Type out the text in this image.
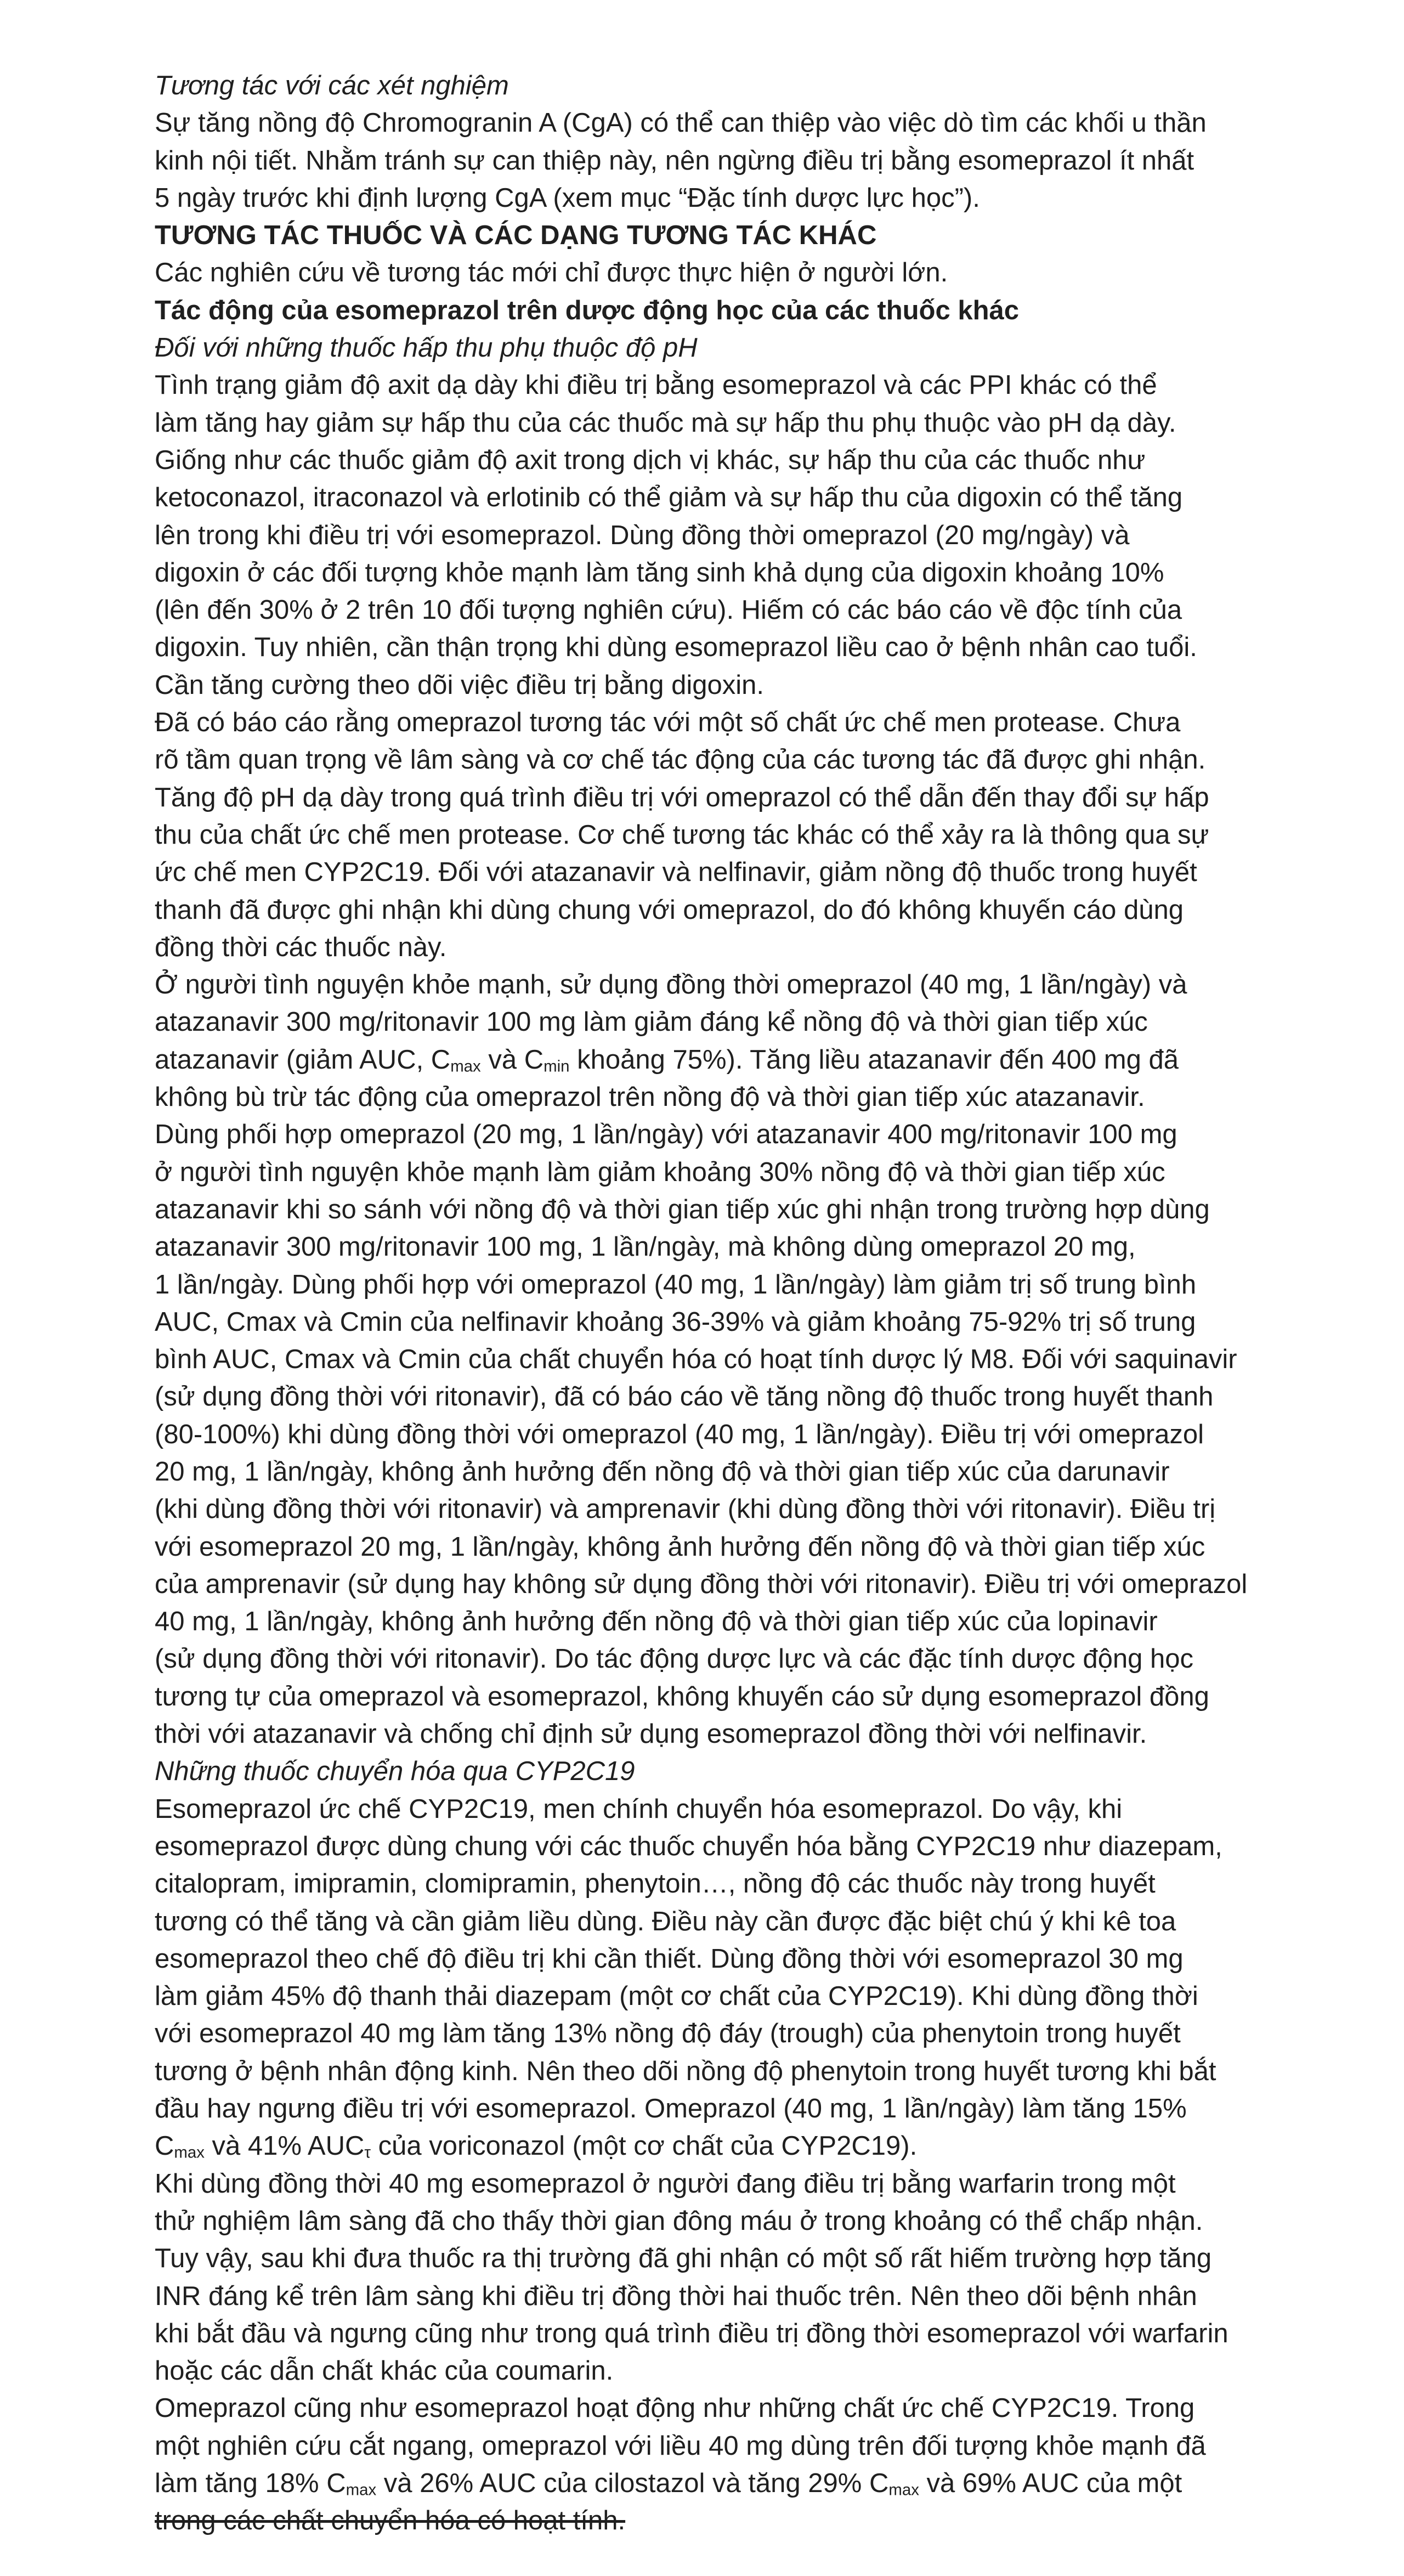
Tương tác với các xét nghiệm
Sự tăng nồng độ Chromogranin A (CgA) có thể can thiệp vào việc dò tìm các khối u thần
kinh nội tiết. Nhằm tránh sự can thiệp này, nên ngừng điều trị bằng esomeprazol ít nhất
5 ngày trước khi định lượng CgA (xem mục “Đặc tính dược lực học”).
TƯƠNG TÁC THUỐC VÀ CÁC DẠNG TƯƠNG TÁC KHÁC
Các nghiên cứu về tương tác mới chỉ được thực hiện ở người lớn.
Tác động của esomeprazol trên dược động học của các thuốc khác
Đối với những thuốc hấp thu phụ thuộc độ pH
Tình trạng giảm độ axit dạ dày khi điều trị bằng esomeprazol và các PPI khác có thể
làm tăng hay giảm sự hấp thu của các thuốc mà sự hấp thu phụ thuộc vào pH dạ dày.
Giống như các thuốc giảm độ axit trong dịch vị khác, sự hấp thu của các thuốc như
ketoconazol, itraconazol và erlotinib có thể giảm và sự hấp thu của digoxin có thể tăng
lên trong khi điều trị với esomeprazol. Dùng đồng thời omeprazol (20 mg/ngày) và
digoxin ở các đối tượng khỏe mạnh làm tăng sinh khả dụng của digoxin khoảng 10%
(lên đến 30% ở 2 trên 10 đối tượng nghiên cứu). Hiếm có các báo cáo về độc tính của
digoxin. Tuy nhiên, cần thận trọng khi dùng esomeprazol liều cao ở bệnh nhân cao tuổi.
Cần tăng cường theo dõi việc điều trị bằng digoxin.
Đã có báo cáo rằng omeprazol tương tác với một số chất ức chế men protease. Chưa
rõ tầm quan trọng về lâm sàng và cơ chế tác động của các tương tác đã được ghi nhận.
Tăng độ pH dạ dày trong quá trình điều trị với omeprazol có thể dẫn đến thay đổi sự hấp
thu của chất ức chế men protease. Cơ chế tương tác khác có thể xảy ra là thông qua sự
ức chế men CYP2C19. Đối với atazanavir và nelfinavir, giảm nồng độ thuốc trong huyết
thanh đã được ghi nhận khi dùng chung với omeprazol, do đó không khuyến cáo dùng
đồng thời các thuốc này.
Ở người tình nguyện khỏe mạnh, sử dụng đồng thời omeprazol (40 mg, 1 lần/ngày) và
atazanavir 300 mg/ritonavir 100 mg làm giảm đáng kể nồng độ và thời gian tiếp xúc
atazanavir (giảm AUC, $C_{max}$ và $C_{min}$ khoảng 75%). Tăng liều atazanavir đến 400 mg đã
không bù trừ tác động của omeprazol trên nồng độ và thời gian tiếp xúc atazanavir.
Dùng phối hợp omeprazol (20 mg, 1 lần/ngày) với atazanavir 400 mg/ritonavir 100 mg
ở người tình nguyện khỏe mạnh làm giảm khoảng 30% nồng độ và thời gian tiếp xúc
atazanavir khi so sánh với nồng độ và thời gian tiếp xúc ghi nhận trong trường hợp dùng
atazanavir 300 mg/ritonavir 100 mg, 1 lần/ngày, mà không dùng omeprazol 20 mg,
1 lần/ngày. Dùng phối hợp với omeprazol (40 mg, 1 lần/ngày) làm giảm trị số trung bình
AUC, Cmax và Cmin của nelfinavir khoảng 36-39% và giảm khoảng 75-92% trị số trung
bình AUC, Cmax và Cmin của chất chuyển hóa có hoạt tính dược lý M8. Đối với saquinavir
(sử dụng đồng thời với ritonavir), đã có báo cáo về tăng nồng độ thuốc trong huyết thanh
(80-100%) khi dùng đồng thời với omeprazol (40 mg, 1 lần/ngày). Điều trị với omeprazol
20 mg, 1 lần/ngày, không ảnh hưởng đến nồng độ và thời gian tiếp xúc của darunavir
(khi dùng đồng thời với ritonavir) và amprenavir (khi dùng đồng thời với ritonavir). Điều trị
với esomeprazol 20 mg, 1 lần/ngày, không ảnh hưởng đến nồng độ và thời gian tiếp xúc
của amprenavir (sử dụng hay không sử dụng đồng thời với ritonavir). Điều trị với omeprazol
40 mg, 1 lần/ngày, không ảnh hưởng đến nồng độ và thời gian tiếp xúc của lopinavir
(sử dụng đồng thời với ritonavir). Do tác động dược lực và các đặc tính dược động học
tương tự của omeprazol và esomeprazol, không khuyến cáo sử dụng esomeprazol đồng
thời với atazanavir và chống chỉ định sử dụng esomeprazol đồng thời với nelfinavir.
Những thuốc chuyển hóa qua CYP2C19
Esomeprazol ức chế CYP2C19, men chính chuyển hóa esomeprazol. Do vậy, khi
esomeprazol được dùng chung với các thuốc chuyển hóa bằng CYP2C19 như diazepam,
citalopram, imipramin, clomipramin, phenytoin…, nồng độ các thuốc này trong huyết
tương có thể tăng và cần giảm liều dùng. Điều này cần được đặc biệt chú ý khi kê toa
esomeprazol theo chế độ điều trị khi cần thiết. Dùng đồng thời với esomeprazol 30 mg
làm giảm 45% độ thanh thải diazepam (một cơ chất của CYP2C19). Khi dùng đồng thời
với esomeprazol 40 mg làm tăng 13% nồng độ đáy (trough) của phenytoin trong huyết
tương ở bệnh nhân động kinh. Nên theo dõi nồng độ phenytoin trong huyết tương khi bắt
đầu hay ngưng điều trị với esomeprazol. Omeprazol (40 mg, 1 lần/ngày) làm tăng 15%
$C_{max}$ và 41% $AUC_\tau$ của voriconazol (một cơ chất của CYP2C19).
Khi dùng đồng thời 40 mg esomeprazol ở người đang điều trị bằng warfarin trong một
thử nghiệm lâm sàng đã cho thấy thời gian đông máu ở trong khoảng có thể chấp nhận.
Tuy vậy, sau khi đưa thuốc ra thị trường đã ghi nhận có một số rất hiếm trường hợp tăng
INR đáng kể trên lâm sàng khi điều trị đồng thời hai thuốc trên. Nên theo dõi bệnh nhân
khi bắt đầu và ngưng cũng như trong quá trình điều trị đồng thời esomeprazol với warfarin
hoặc các dẫn chất khác của coumarin.
Omeprazol cũng như esomeprazol hoạt động như những chất ức chế CYP2C19. Trong
một nghiên cứu cắt ngang, omeprazol với liều 40 mg dùng trên đối tượng khỏe mạnh đã
làm tăng 18% $C_{max}$ và 26% AUC của cilostazol và tăng 29% $C_{max}$ và 69% AUC của một
trong các chất chuyển hóa có hoạt tính.
